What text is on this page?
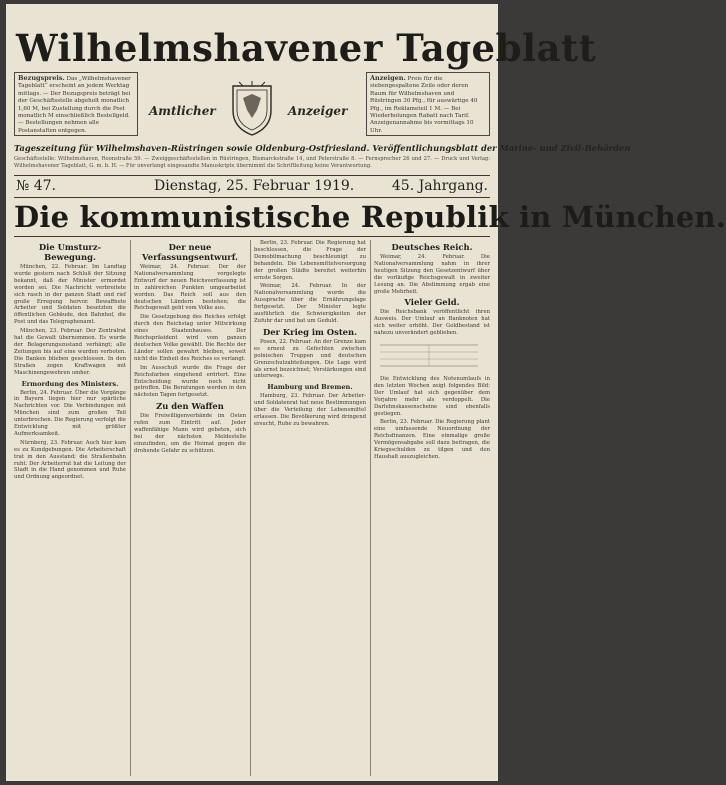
Wilhelmshavener Tageblatt
Bezugspreis. Das „Wilhelmshavener Tageblatt“ erscheint an jedem Werktag mittags. — Der Bezugspreis beträgt bei der Geschäftsstelle abgeholt monatlich 1,60 M, bei Zustellung durch die Post monatlich M einschließlich Bestellgeld. — Bestellungen nehmen alle Postanstalten entgegen.
Amtlicher	Anzeiger
Anzeigen. Preis für die siebengespaltene Zeile oder deren Raum für Wilhelmshaven und Rüstringen 30 Pfg., für auswärtige 40 Pfg., im Reklameteil 1 M. — Bei Wiederholungen Rabatt nach Tarif. Anzeigenannahme bis vormittags 10 Uhr.
Tageszeitung für Wilhelmshaven-Rüstringen sowie Oldenburg-Ostfriesland. Veröffentlichungsblatt der Marine- und Zivil-Behörden
Geschäftsstelle: Wilhelmshaven, Roonstraße 59. — Zweiggeschäftsstellen in Rüstringen, Bismarckstraße 14, und Peterstraße 8. — Fernsprecher 26 und 27. — Druck und Verlag: Wilhelmshavener Tageblatt, G. m. b. H. — Für unverlangt eingesandte Manuskripte übernimmt die Schriftleitung keine Verantwortung.
№ 47.	Dienstag, 25. Februar 1919.	45. Jahrgang.
Die kommunistische Republik in München.
Die Umsturz-Bewegung.

München, 22. Februar. Im Landtag wurde gestern nach Schluß der Sitzung bekannt, daß der Minister ermordet worden sei. Die Nachricht verbreitete sich rasch in der ganzen Stadt und rief große Erregung hervor. Bewaffnete Arbeiter und Soldaten besetzten die öffentlichen Gebäude, den Bahnhof, die Post und das Telegraphenamt.

München, 23. Februar. Der Zentralrat hat die Gewalt übernommen. Es wurde der Belagerungszustand verhängt; alle Zeitungen bis auf eine wurden verboten. Die Banken blieben geschlossen. In den Straßen zogen Kraftwagen mit Maschinengewehren umher.

Ermordung des Ministers.

Berlin, 24. Februar. Über die Vorgänge in Bayern liegen hier nur spärliche Nachrichten vor. Die Verbindungen mit München sind zum großen Teil unterbrochen. Die Regierung verfolgt die Entwicklung mit größter Aufmerksamkeit.

Nürnberg, 23. Februar. Auch hier kam es zu Kundgebungen. Die Arbeiterschaft trat in den Ausstand; die Straßenbahn ruht. Der Arbeiterrat hat die Leitung der Stadt in die Hand genommen und Ruhe und Ordnung angeordnet.

Der neue Verfassungsentwurf.

Weimar, 24. Februar. Der der Nationalversammlung vorgelegte Entwurf der neuen Reichsverfassung ist in zahlreichen Punkten umgearbeitet worden. Das Reich soll aus den deutschen Ländern bestehen; die Reichsgewalt geht vom Volke aus.

Die Gesetzgebung des Reiches erfolgt durch den Reichstag unter Mitwirkung eines Staatenhauses. Der Reichspräsident wird vom ganzen deutschen Volke gewählt. Die Rechte der Länder sollen gewahrt bleiben, soweit nicht die Einheit des Reiches es verlangt.

Im Ausschuß wurde die Frage der Reichsfarben eingehend erörtert. Eine Entscheidung wurde noch nicht getroffen. Die Beratungen werden in den nächsten Tagen fortgesetzt.

Zu den Waffen

Die Freiwilligenverbände im Osten rufen zum Eintritt auf. Jeder waffenfähige Mann wird gebeten, sich bei der nächsten Meldestelle einzufinden, um die Heimat gegen die drohende Gefahr zu schützen.

Berlin, 23. Februar. Die Regierung hat beschlossen, die Frage der Demobilmachung beschleunigt zu behandeln. Die Lebensmittelversorgung der großen Städte bereitet weiterhin ernste Sorgen.

Weimar, 24. Februar. In der Nationalversammlung wurde die Aussprache über die Ernährungslage fortgesetzt. Der Minister legte ausführlich die Schwierigkeiten der Zufuhr dar und bat um Geduld.

Der Krieg im Osten.

Posen, 22. Februar. An der Grenze kam es erneut zu Gefechten zwischen polnischen Truppen und deutschen Grenzschutzabteilungen. Die Lage wird als ernst bezeichnet; Verstärkungen sind unterwegs.

Hamburg und Bremen.

Hamburg, 23. Februar. Der Arbeiter- und Soldatenrat hat neue Bestimmungen über die Verteilung der Lebensmittel erlassen. Die Bevölkerung wird dringend ersucht, Ruhe zu bewahren.

Deutsches Reich.

Weimar, 24. Februar. Die Nationalversammlung nahm in ihrer heutigen Sitzung den Gesetzentwurf über die vorläufige Reichsgewalt in zweiter Lesung an. Die Abstimmung ergab eine große Mehrheit.

Vieler Geld.

Die Reichsbank veröffentlicht ihren Ausweis. Der Umlauf an Banknoten hat sich weiter erhöht. Der Goldbestand ist nahezu unverändert geblieben.

Die Entwicklung des Notenumlaufs in den letzten Wochen zeigt folgendes Bild: Der Umlauf hat sich gegenüber dem Vorjahre mehr als verdoppelt. Die Darlehnskassenscheine sind ebenfalls gestiegen.

Berlin, 23. Februar. Die Regierung plant eine umfassende Neuordnung der Reichsfinanzen. Eine einmalige große Vermögensabgabe soll dazu beitragen, die Kriegsschulden zu tilgen und den Haushalt auszugleichen.
